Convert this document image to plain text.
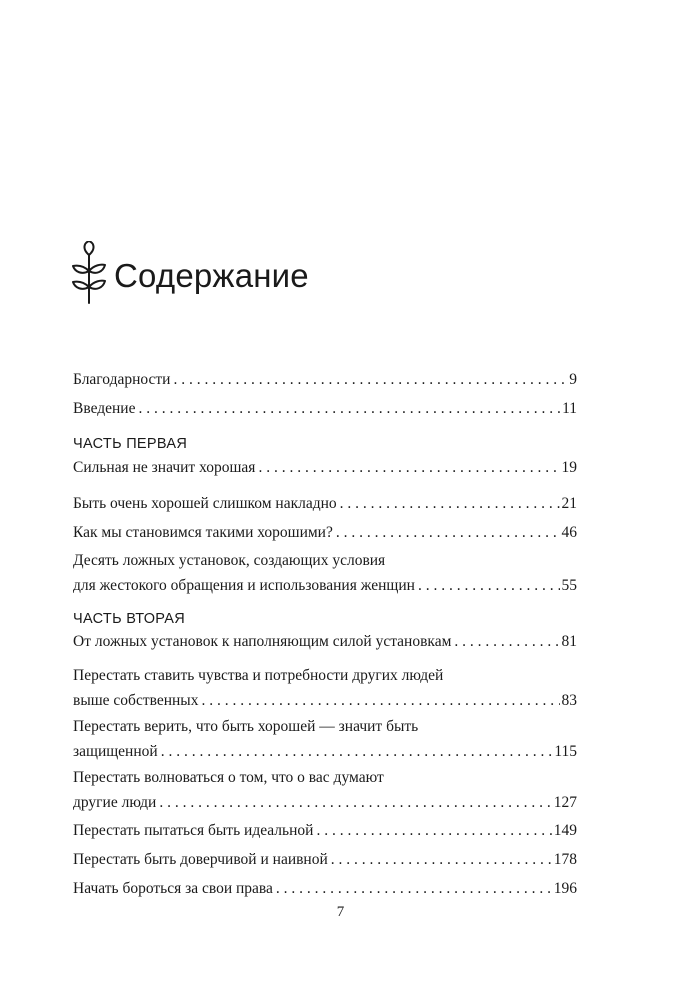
Содержание
Благодарности . . .	9
Введение . . .	11
ЧАСТЬ ПЕРВАЯ
Сильная не значит хорошая . . .	19
Быть очень хорошей слишком накладно . . .	21
Как мы становимся такими хорошими? . . .	46
Десять ложных установок, создающих условия
для жестокого обращения и использования женщин . . .	55
ЧАСТЬ ВТОРАЯ
От ложных установок к наполняющим силой установкам . . .	81
Перестать ставить чувства и потребности других людей
выше собственных . . .	83
Перестать верить, что быть хорошей — значит быть
защищенной . . .	115
Перестать волноваться о том, что о вас думают
другие люди . . .	127
Перестать пытаться быть идеальной . . .	149
Перестать быть доверчивой и наивной . . .	178
Начать бороться за свои права . . .	196
7
